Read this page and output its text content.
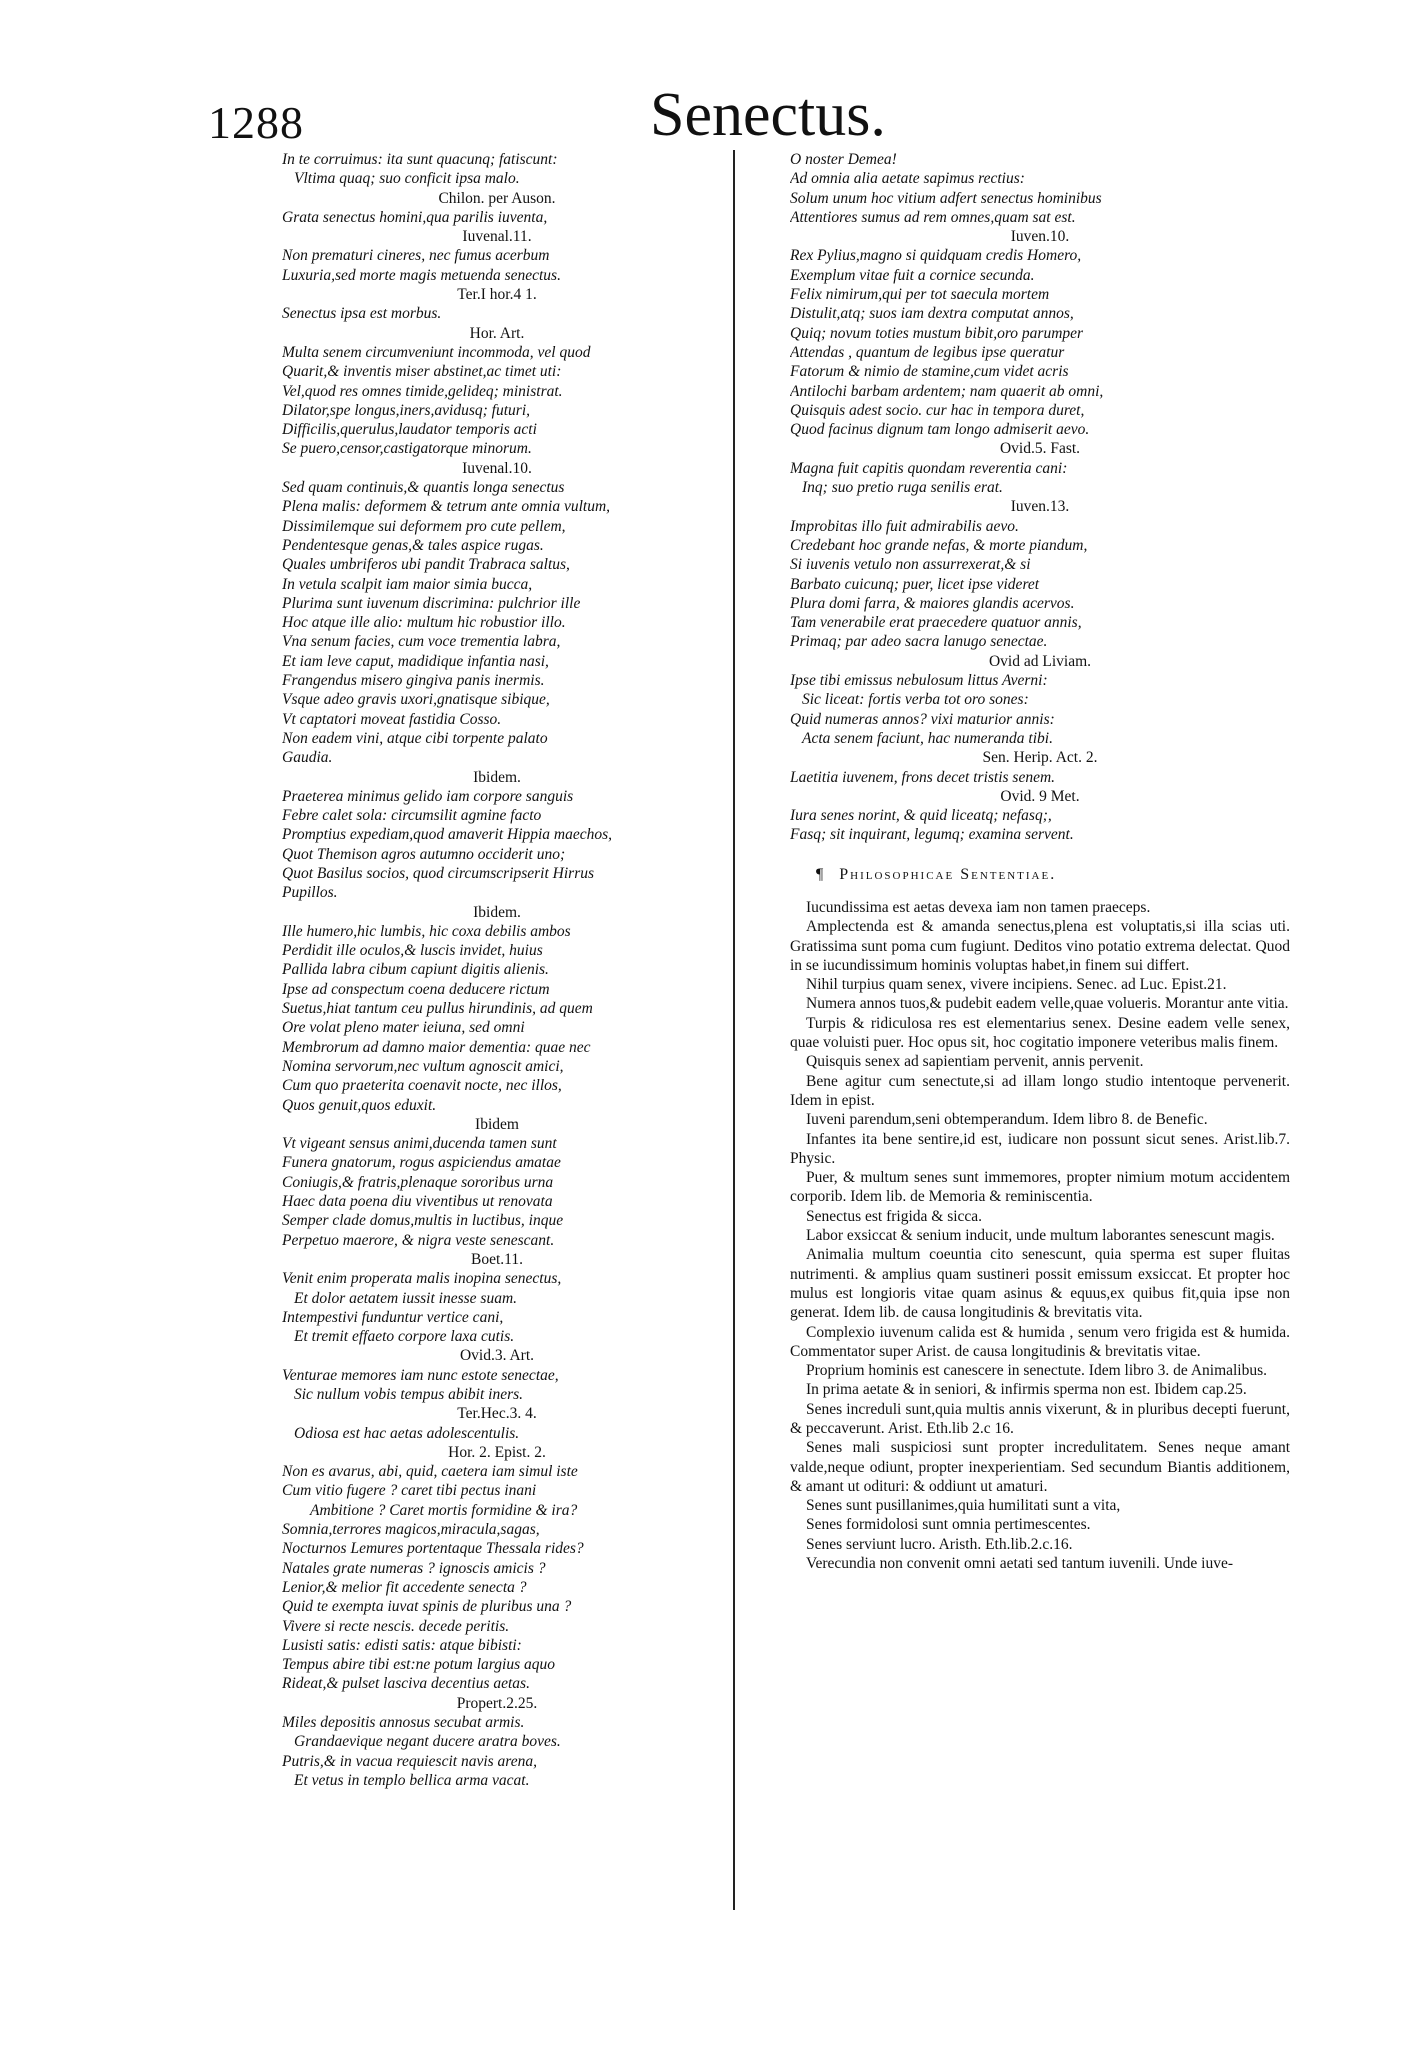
1288	Senectus.
In te corruimus: ita sunt quacunq; fatiscunt:
Vltima quaq; suo conficit ipsa malo.
Chilon. per Auson.
Grata senectus homini,qua parilis iuventa,
Iuvenal.11.
Non prematuri cineres, nec fumus acerbum
Luxuria,sed morte magis metuenda senectus.
Ter.I hor.4 1.
Senectus ipsa est morbus.
Hor. Art.
Multa senem circumveniunt incommoda, vel quod
Quarit,& inventis miser abstinet,ac timet uti:
Vel,quod res omnes timide,gelideq; ministrat.
Dilator,spe longus,iners,avidusq; futuri,
Difficilis,querulus,laudator temporis acti
Se puero,censor,castigatorque minorum.
Iuvenal.10.
Sed quam continuis,& quantis longa senectus
Plena malis: deformem & tetrum ante omnia vultum,
Dissimilemque sui deformem pro cute pellem,
Pendentesque genas,& tales aspice rugas.
Quales umbriferos ubi pandit Trabraca saltus,
In vetula scalpit iam maior simia bucca,
Plurima sunt iuvenum discrimina: pulchrior ille
Hoc atque ille alio: multum hic robustior illo.
Vna senum facies, cum voce trementia labra,
Et iam leve caput, madidique infantia nasi,
Frangendus misero gingiva panis inermis.
Vsque adeo gravis uxori,gnatisque sibique,
Vt captatori moveat fastidia Cosso.
Non eadem vini, atque cibi torpente palato
Gaudia.
Ibidem.
Praeterea minimus gelido iam corpore sanguis
Febre calet sola: circumsilit agmine facto
Promptius expediam,quod amaverit Hippia maechos,
Quot Themison agros autumno occiderit uno;
Quot Basilus socios, quod circumscripserit Hirrus
Pupillos.
Ibidem.
Ille humero,hic lumbis, hic coxa debilis ambos
Perdidit ille oculos,& luscis invidet, huius
Pallida labra cibum capiunt digitis alienis.
Ipse ad conspectum coena deducere rictum
Suetus,hiat tantum ceu pullus hirundinis, ad quem
Ore volat pleno mater ieiuna, sed omni
Membrorum ad damno maior dementia: quae nec
Nomina servorum,nec vultum agnoscit amici,
Cum quo praeterita coenavit nocte, nec illos,
Quos genuit,quos eduxit.
Ibidem
Vt vigeant sensus animi,ducenda tamen sunt
Funera gnatorum, rogus aspiciendus amatae
Coniugis,& fratris,plenaque sororibus urna
Haec data poena diu viventibus ut renovata
Semper clade domus,multis in luctibus, inque
Perpetuo maerore, & nigra veste senescant.
Boet.11.
Venit enim properata malis inopina senectus,
Et dolor aetatem iussit inesse suam.
Intempestivi funduntur vertice cani,
Et tremit effaeto corpore laxa cutis.
Ovid.3. Art.
Venturae memores iam nunc estote senectae,
Sic nullum vobis tempus abibit iners.
Ter.Hec.3. 4.
Odiosa est hac aetas adolescentulis.
Hor. 2. Epist. 2.
Non es avarus, abi, quid, caetera iam simul iste
Cum vitio fugere ? caret tibi pectus inani
Ambitione ? Caret mortis formidine & ira?
Somnia,terrores magicos,miracula,sagas,
Nocturnos Lemures portentaque Thessala rides?
Natales grate numeras ? ignoscis amicis ?
Lenior,& melior fit accedente senecta ?
Quid te exempta iuvat spinis de pluribus una ?
Vivere si recte nescis. decede peritis.
Lusisti satis: edisti satis: atque bibisti:
Tempus abire tibi est:ne potum largius aquo
Rideat,& pulset lasciva decentius aetas.
Propert.2.25.
Miles depositis annosus secubat armis.
Grandaevique negant ducere aratra boves.
Putris,& in vacua requiescit navis arena,
Et vetus in templo bellica arma vacat.
O noster Demea!
Ad omnia alia aetate sapimus rectius:
Solum unum hoc vitium adfert senectus hominibus
Attentiores sumus ad rem omnes,quam sat est.
Iuven.10.
Rex Pylius,magno si quidquam credis Homero,
Exemplum vitae fuit a cornice secunda.
Felix nimirum,qui per tot saecula mortem
Distulit,atq; suos iam dextra computat annos,
Quiq; novum toties mustum bibit,oro parumper
Attendas , quantum de legibus ipse queratur
Fatorum & nimio de stamine,cum videt acris
Antilochi barbam ardentem; nam quaerit ab omni,
Quisquis adest socio. cur hac in tempora duret,
Quod facinus dignum tam longo admiserit aevo.
Ovid.5. Fast.
Magna fuit capitis quondam reverentia cani:
Inq; suo pretio ruga senilis erat.
Iuven.13.
Improbitas illo fuit admirabilis aevo.
Credebant hoc grande nefas, & morte piandum,
Si iuvenis vetulo non assurrexerat,& si
Barbato cuicunq; puer, licet ipse videret
Plura domi farra, & maiores glandis acervos.
Tam venerabile erat praecedere quatuor annis,
Primaq; par adeo sacra lanugo senectae.
Ovid ad Liviam.
Ipse tibi emissus nebulosum littus Averni:
Sic liceat: fortis verba tot oro sones:
Quid numeras annos? vixi maturior annis:
Acta senem faciunt, hac numeranda tibi.
Sen. Herip. Act. 2.
Laetitia iuvenem, frons decet tristis senem.
Ovid. 9 Met.
Iura senes norint, & quid liceatq; nefasq;,
Fasq; sit inquirant, legumq; examina servent.
¶ Philosophicae Sententiae.
Iucundissima est aetas devexa iam non tamen praeceps.
Amplectenda est & amanda senectus,plena est voluptatis,si illa scias uti. Gratissima sunt poma cum fugiunt. Deditos vino potatio extrema delectat. Quod in se iucundissimum hominis voluptas habet,in finem sui differt.
Nihil turpius quam senex, vivere incipiens. Senec. ad Luc. Epist.21.
Numera annos tuos,& pudebit eadem velle,quae volueris. Morantur ante vitia.
Turpis & ridiculosa res est elementarius senex. Desine eadem velle senex, quae voluisti puer. Hoc opus sit, hoc cogitatio imponere veteribus malis finem.
Quisquis senex ad sapientiam pervenit, annis pervenit.
Bene agitur cum senectute,si ad illam longo studio intentoque pervenerit. Idem in epist.
Iuveni parendum,seni obtemperandum. Idem libro 8. de Benefic.
Infantes ita bene sentire,id est, iudicare non possunt sicut senes. Arist.lib.7. Physic.
Puer, & multum senes sunt immemores, propter nimium motum accidentem corporib. Idem lib. de Memoria & reminiscentia.
Senectus est frigida & sicca.
Labor exsiccat & senium inducit, unde multum laborantes senescunt magis.
Animalia multum coeuntia cito senescunt, quia sperma est super fluitas nutrimenti. & amplius quam sustineri possit emissum exsiccat. Et propter hoc mulus est longioris vitae quam asinus & equus,ex quibus fit,quia ipse non generat. Idem lib. de causa longitudinis & brevitatis vita.
Complexio iuvenum calida est & humida , senum vero frigida est & humida. Commentator super Arist. de causa longitudinis & brevitatis vitae.
Proprium hominis est canescere in senectute. Idem libro 3. de Animalibus.
In prima aetate & in seniori, & infirmis sperma non est. Ibidem cap.25.
Senes increduli sunt,quia multis annis vixerunt, & in pluribus decepti fuerunt, & peccaverunt. Arist. Eth.lib 2.c 16.
Senes mali suspiciosi sunt propter incredulitatem. Senes neque amant valde,neque odiunt, propter inexperientiam. Sed secundum Biantis additionem, & amant ut odituri: & oddiunt ut amaturi.
Senes sunt pusillanimes,quia humilitati sunt a vita,
Senes formidolosi sunt omnia pertimescentes.
Senes serviunt lucro. Aristh. Eth.lib.2.c.16.
Verecundia non convenit omni aetati sed tantum iuvenili. Unde iuve-
